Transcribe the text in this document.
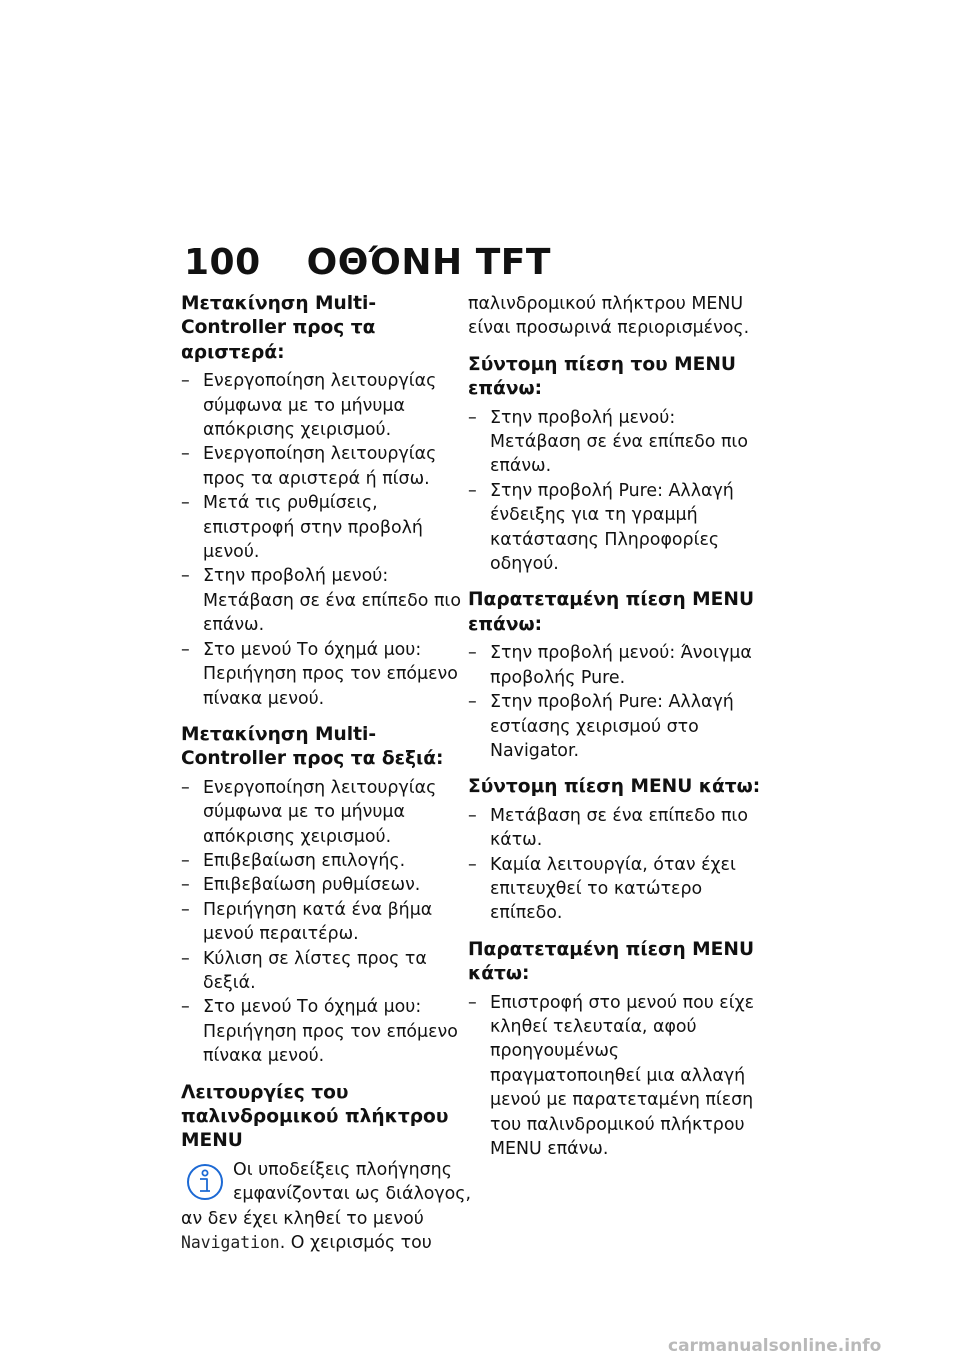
100 ΟΘΌΝΗ TFT
Μετακίνηση Multi-Controller προς τα αριστερά:
– Ενεργοποίηση λειτουργίας σύμφωνα με το μήνυμα απόκρισης χειρισμού.
– Ενεργοποίηση λειτουργίας προς τα αριστερά ή πίσω.
– Μετά τις ρυθμίσεις, επιστροφή στην προβολή μενού.
– Στην προβολή μενού: Μετάβαση σε ένα επίπεδο πιο επάνω.
– Στο μενού Το όχημά μου: Περιήγηση προς τον επόμενο πίνακα μενού.
Μετακίνηση Multi-Controller προς τα δεξιά:
– Ενεργοποίηση λειτουργίας σύμφωνα με το μήνυμα απόκρισης χειρισμού.
– Επιβεβαίωση επιλογής.
– Επιβεβαίωση ρυθμίσεων.
– Περιήγηση κατά ένα βήμα μενού περαιτέρω.
– Κύλιση σε λίστες προς τα δεξιά.
– Στο μενού Το όχημά μου: Περιήγηση προς τον επόμενο πίνακα μενού.
Λειτουργίες του παλινδρομικού πλήκτρου MENU

Οι υποδείξεις πλοήγησης εμφανίζονται ως διάλογος, αν δεν έχει κληθεί το μενού Navigation. Ο χειρισμός του

παλινδρομικού πλήκτρου MENU είναι προσωρινά περιορισμένος.

Σύντομη πίεση του MENU επάνω:
– Στην προβολή μενού: Μετάβαση σε ένα επίπεδο πιο επάνω.
– Στην προβολή Pure: Αλλαγή ένδειξης για τη γραμμή κατάστασης Πληροφορίες οδηγού.
Παρατεταμένη πίεση MENU επάνω:
– Στην προβολή μενού: Άνοιγμα προβολής Pure.
– Στην προβολή Pure: Αλλαγή εστίασης χειρισμού στο Navigator.
Σύντομη πίεση MENU κάτω:
– Μετάβαση σε ένα επίπεδο πιο κάτω.
– Καμία λειτουργία, όταν έχει επιτευχθεί το κατώτερο επίπεδο.
Παρατεταμένη πίεση MENU κάτω:
– Επιστροφή στο μενού που είχε κληθεί τελευταία, αφού προηγουμένως πραγματοποιηθεί μια αλλαγή μενού με παρατεταμένη πίεση του παλινδρομικού πλήκτρου MENU επάνω.
carmanualsonline.info
